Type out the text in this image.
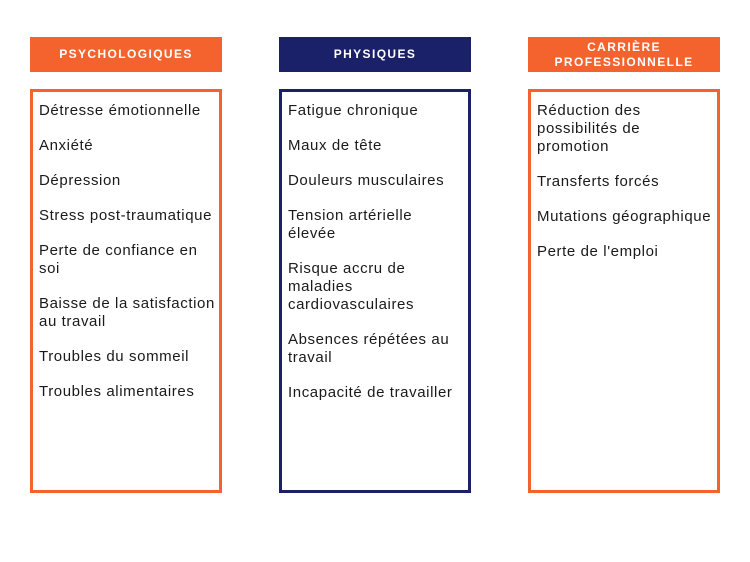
PSYCHOLOGIQUES
Détresse émotionnelle
Anxiété
Dépression
Stress post-traumatique
Perte de confiance en soi
Baisse de la satisfaction au travail
Troubles du sommeil
Troubles alimentaires
PHYSIQUES
Fatigue chronique
Maux de tête
Douleurs musculaires
Tension artérielle élevée
Risque accru de maladies cardiovasculaires
Absences répétées au travail
Incapacité de travailler
CARRIÈRE PROFESSIONNELLE
Réduction des possibilités de promotion
Transferts forcés
Mutations géographique
Perte de l'emploi
